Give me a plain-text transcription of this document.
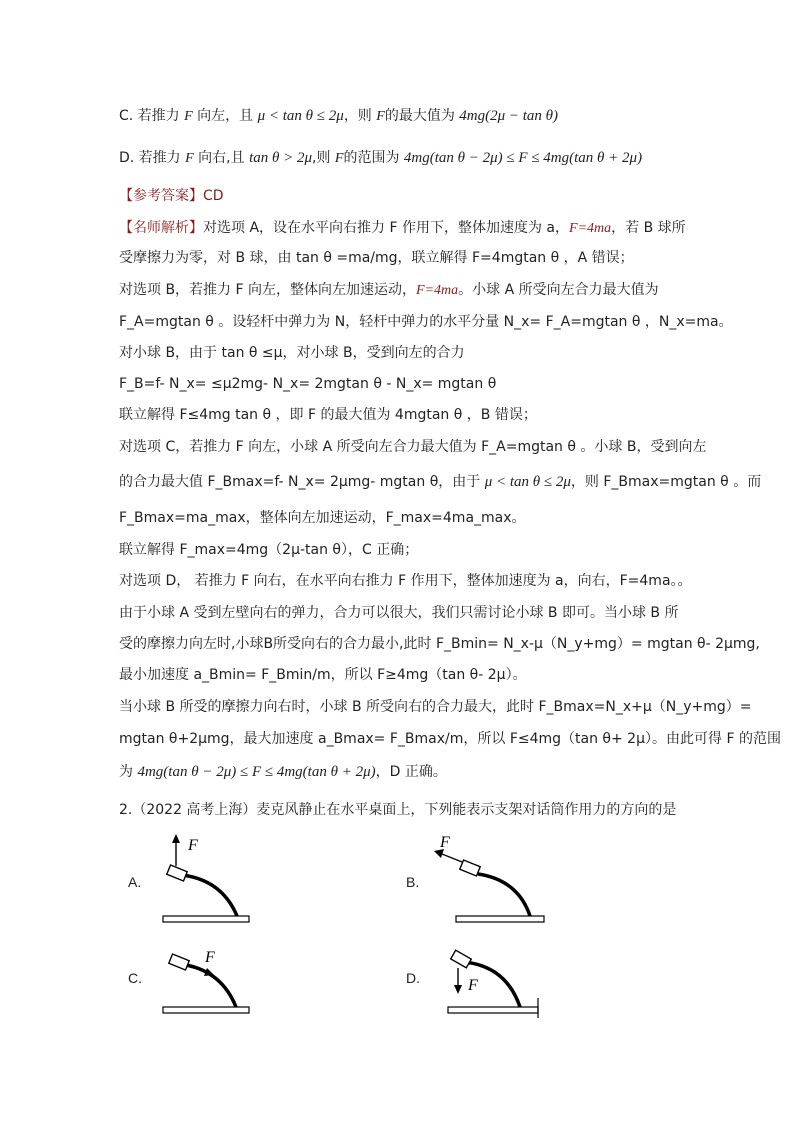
C. 若推力 F 向左，且 μ < tan θ ≤ 2μ，则 F的最大值为 4mg(2μ − tan θ)
D. 若推力 F 向右,且 tan θ > 2μ,则 F的范围为 4mg(tan θ − 2μ) ≤ F ≤ 4mg(tan θ + 2μ)
【参考答案】CD
【名师解析】对选项 A，设在水平向右推力 F 作用下，整体加速度为 a，F=4ma，若 B 球所
受摩擦力为零，对 B 球，由 tan θ =ma/mg，联立解得 F=4mgtan θ ，A 错误；
对选项 B，若推力 F 向左，整体向左加速运动，F=4ma。小球 A 所受向左合力最大值为
F_A=mgtan θ 。设轻杆中弹力为 N，轻杆中弹力的水平分量 N_x= F_A=mgtan θ ，N_x=ma。
对小球 B，由于 tan θ ≤μ，对小球 B，受到向左的合力
F_B=f- N_x= ≤μ2mg- N_x= 2mgtan θ - N_x= mgtan θ
联立解得 F≤4mg tan θ ，即 F 的最大值为 4mgtan θ ，B 错误；
对选项 C，若推力 F 向左，小球 A 所受向左合力最大值为 F_A=mgtan θ 。小球 B，受到向左
的合力最大值 F_Bmax=f- N_x= 2μmg- mgtan θ，由于 μ < tan θ ≤ 2μ，则 F_Bmax=mgtan θ 。而
F_Bmax=ma_max，整体向左加速运动，F_max=4ma_max。
联立解得 F_max=4mg（2μ-tan θ），C 正确；
对选项 D， 若推力 F 向右，在水平向右推力 F 作用下，整体加速度为 a，向右，F=4ma。。
由于小球 A 受到左壁向右的弹力，合力可以很大，我们只需讨论小球 B 即可。当小球 B 所
受的摩擦力向左时,小球B所受向右的合力最小,此时 F_Bmin= N_x-μ（N_y+mg）= mgtan θ- 2μmg,
最小加速度 a_Bmin= F_Bmin/m，所以 F≥4mg（tan θ- 2μ）。
当小球 B 所受的摩擦力向右时，小球 B 所受向右的合力最大，此时 F_Bmax=N_x+μ（N_y+mg）=
mgtan θ+2μmg，最大加速度 a_Bmax= F_Bmax/m，所以 F≤4mg（tan θ+ 2μ）。由此可得 F 的范围
为 4mg(tan θ − 2μ) ≤ F ≤ 4mg(tan θ + 2μ)，D 正确。
2.（2022 高考上海）麦克风静止在水平桌面上，下列能表示支架对话筒作用力的方向的是
A.	B.
C.	D.
F	F
F
F
